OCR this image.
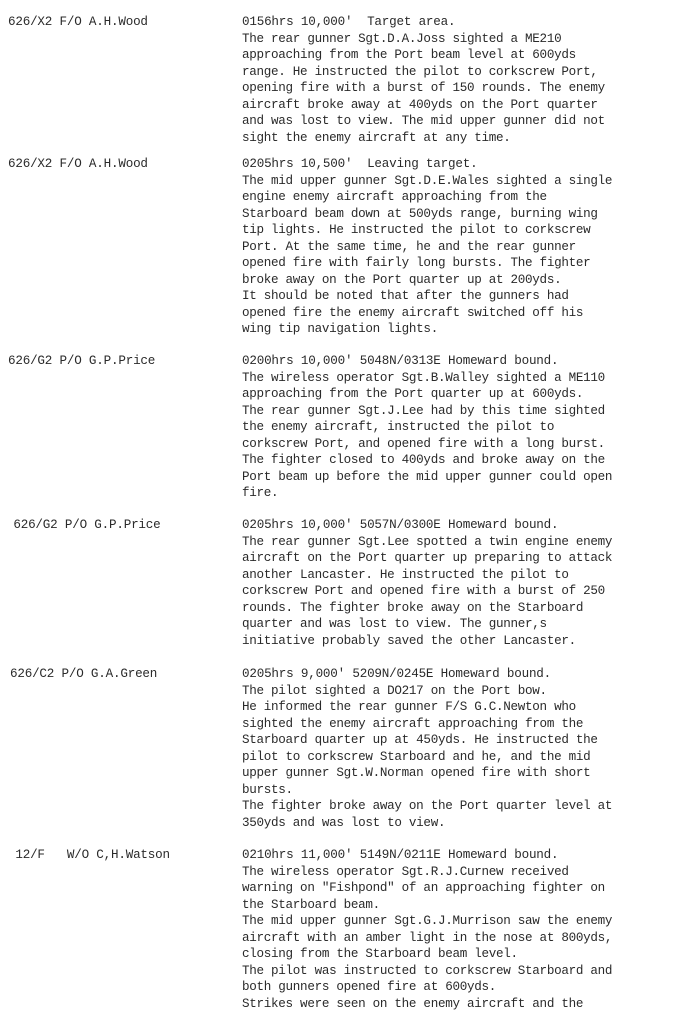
626/X2 F/O A.H.Wood	0156hrs 10,000'  Target area.
The rear gunner Sgt.D.A.Joss sighted a ME210
approaching from the Port beam level at 600yds
range. He instructed the pilot to corkscrew Port,
opening fire with a burst of 150 rounds. The enemy
aircraft broke away at 400yds on the Port quarter
and was lost to view. The mid upper gunner did not
sight the enemy aircraft at any time.
626/X2 F/O A.H.Wood	0205hrs 10,500'  Leaving target.
The mid upper gunner Sgt.D.E.Wales sighted a single
engine enemy aircraft approaching from the
Starboard beam down at 500yds range, burning wing
tip lights. He instructed the pilot to corkscrew
Port. At the same time, he and the rear gunner
opened fire with fairly long bursts. The fighter
broke away on the Port quarter up at 200yds.
It should be noted that after the gunners had
opened fire the enemy aircraft switched off his
wing tip navigation lights.
626/G2 P/O G.P.Price	0200hrs 10,000' 5048N/0313E Homeward bound.
The wireless operator Sgt.B.Walley sighted a ME110
approaching from the Port quarter up at 600yds.
The rear gunner Sgt.J.Lee had by this time sighted
the enemy aircraft, instructed the pilot to
corkscrew Port, and opened fire with a long burst.
The fighter closed to 400yds and broke away on the
Port beam up before the mid upper gunner could open
fire.
626/G2 P/O G.P.Price	0205hrs 10,000' 5057N/0300E Homeward bound.
The rear gunner Sgt.Lee spotted a twin engine enemy
aircraft on the Port quarter up preparing to attack
another Lancaster. He instructed the pilot to
corkscrew Port and opened fire with a burst of 250
rounds. The fighter broke away on the Starboard
quarter and was lost to view. The gunner,s
initiative probably saved the other Lancaster.
626/C2 P/O G.A.Green	0205hrs 9,000' 5209N/0245E Homeward bound.
The pilot sighted a DO217 on the Port bow.
He informed the rear gunner F/S G.C.Newton who
sighted the enemy aircraft approaching from the
Starboard quarter up at 450yds. He instructed the
pilot to corkscrew Starboard and he, and the mid
upper gunner Sgt.W.Norman opened fire with short
bursts.
The fighter broke away on the Port quarter level at
350yds and was lost to view.
12/F   W/O C,H.Watson	0210hrs 11,000' 5149N/0211E Homeward bound.
The wireless operator Sgt.R.J.Curnew received
warning on "Fishpond" of an approaching fighter on
the Starboard beam.
The mid upper gunner Sgt.G.J.Murrison saw the enemy
aircraft with an amber light in the nose at 800yds,
closing from the Starboard beam level.
The pilot was instructed to corkscrew Starboard and
both gunners opened fire at 600yds.
Strikes were seen on the enemy aircraft and the
